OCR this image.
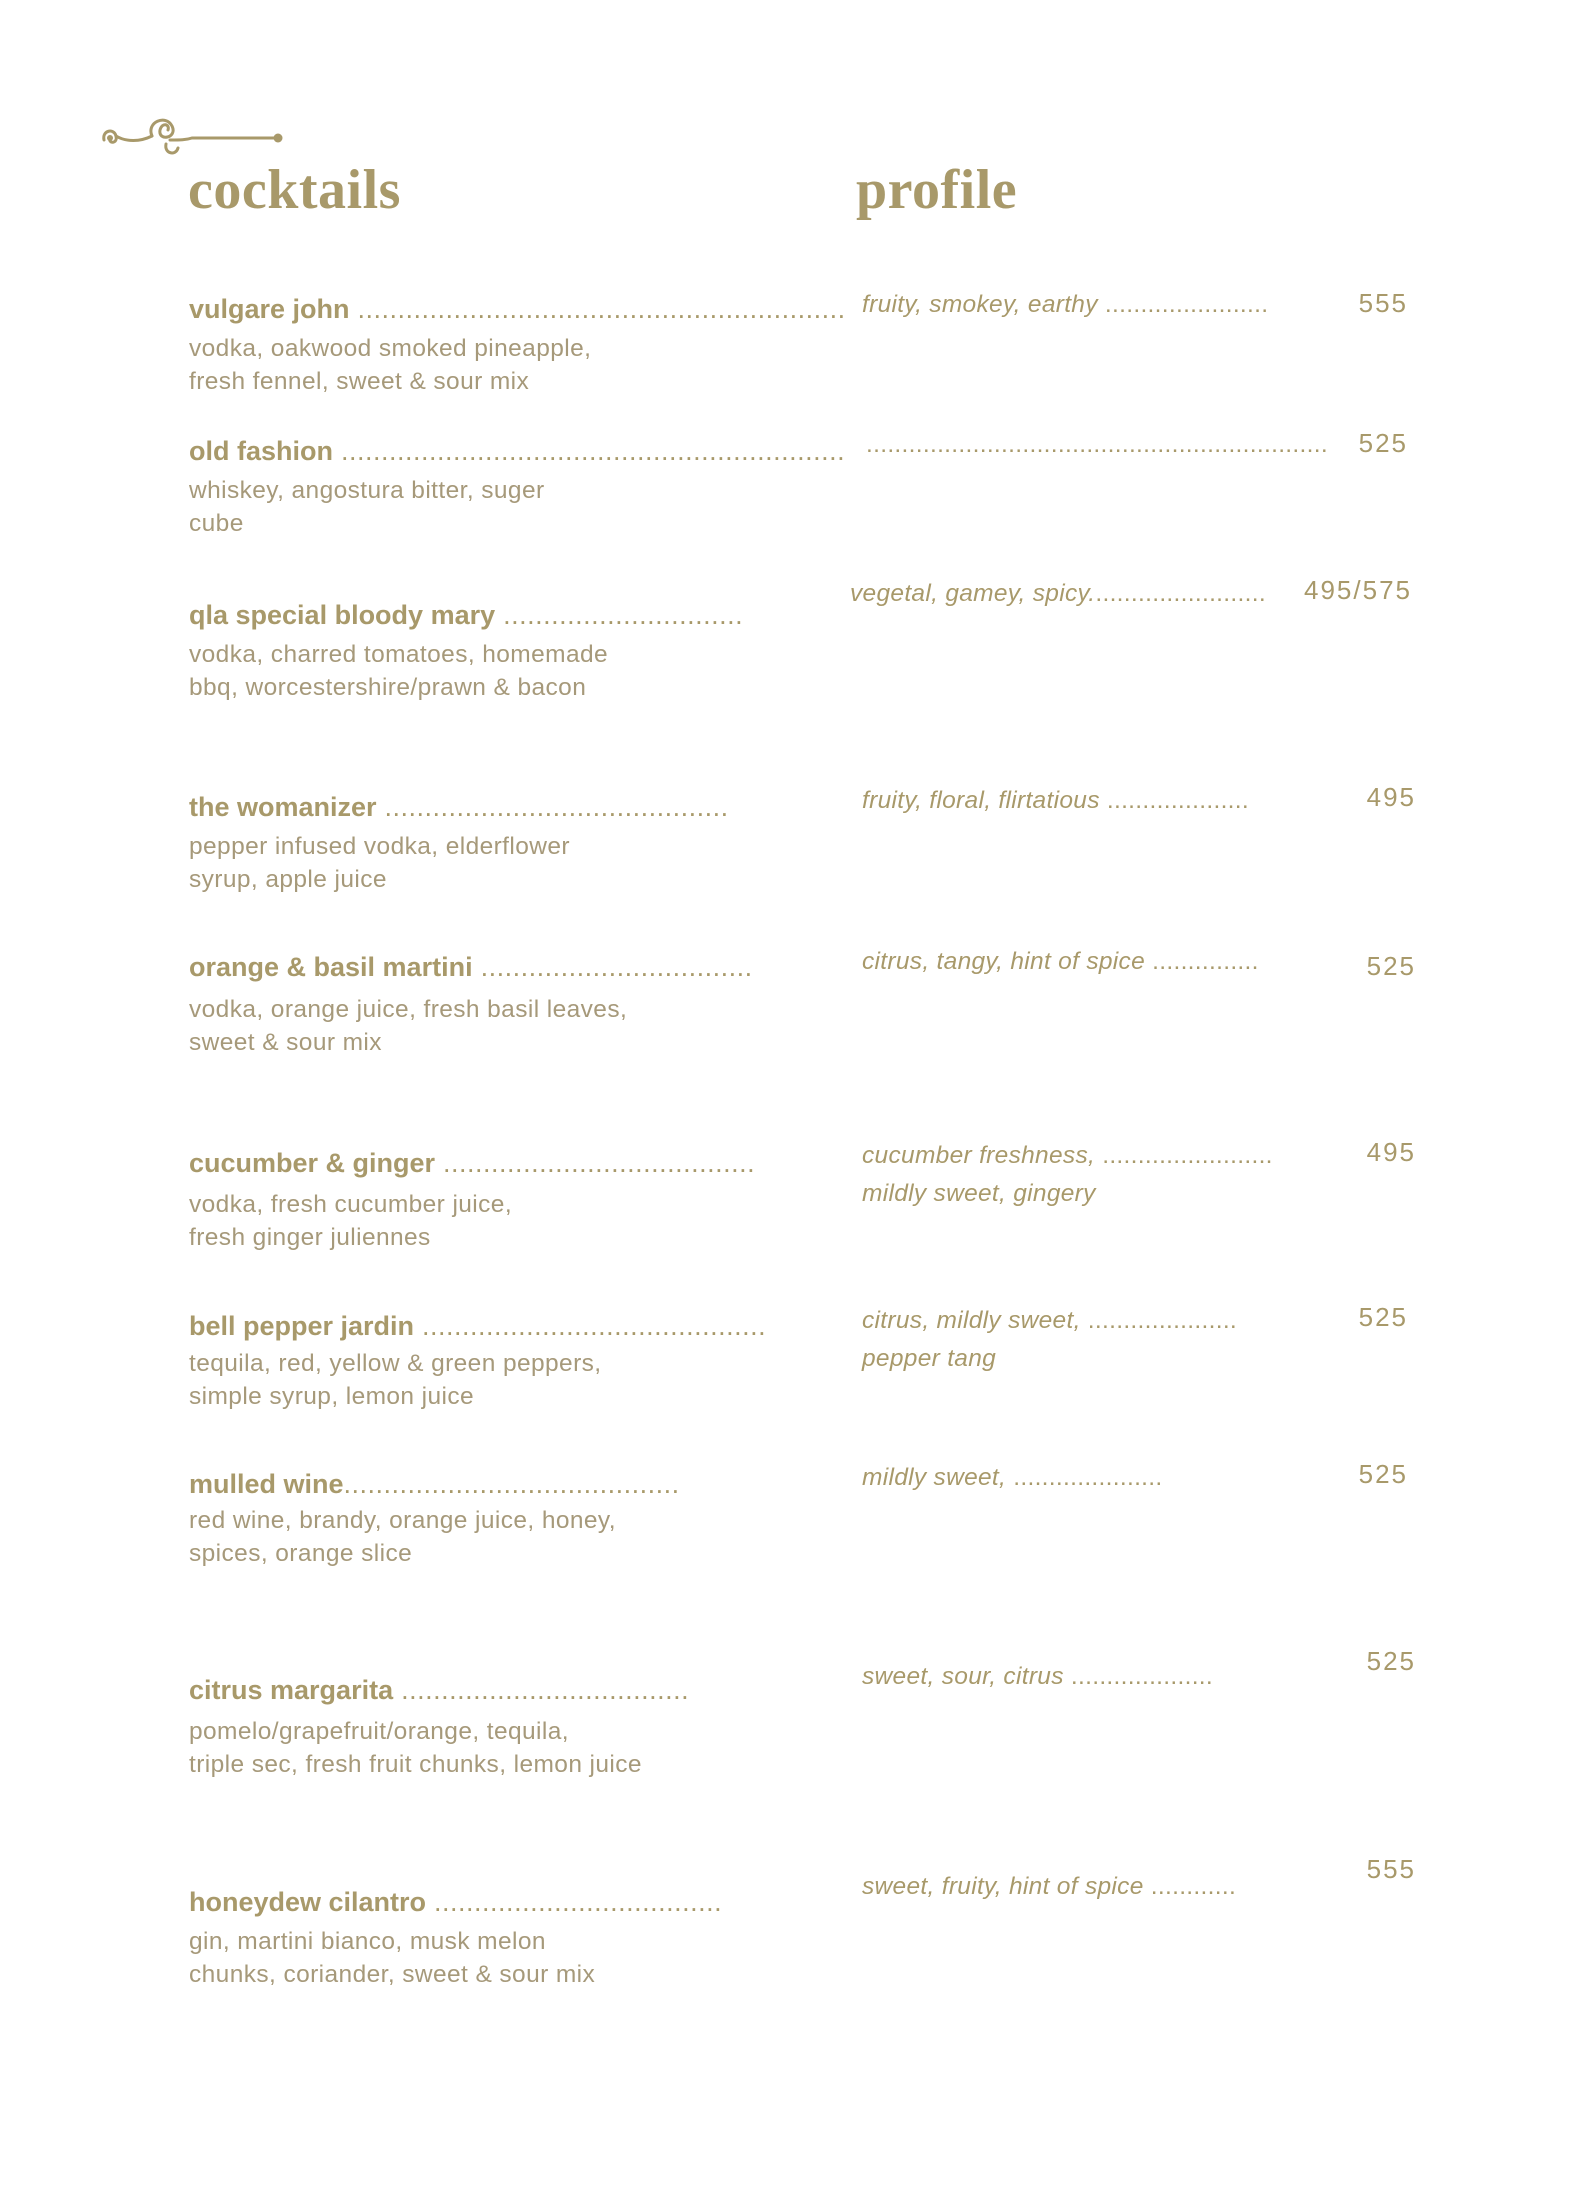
cocktails	profile
vulgare john .............................................................
vodka, oakwood smoked pineapple,
fresh fennel, sweet & sour mix
fruity, smokey, earthy .......................	555
old fashion ...............................................................
whiskey, angostura bitter, suger
cube
.................................................................	525
qla special bloody mary ..............................
vodka, charred tomatoes, homemade
bbq, worcestershire/prawn & bacon
vegetal, gamey, spicy.........................	495/575
the womanizer ...........................................
pepper infused vodka, elderflower
syrup, apple juice
fruity, floral, flirtatious ....................	495
orange & basil martini ..................................
vodka, orange juice, fresh basil leaves,
sweet & sour mix
citrus, tangy, hint of spice ...............	525
cucumber & ginger .......................................
vodka, fresh cucumber juice,
fresh ginger juliennes
cucumber freshness, ........................
mildly sweet, gingery
495
bell pepper jardin ...........................................
tequila, red, yellow & green peppers,
simple syrup, lemon juice
citrus, mildly sweet, .....................
pepper tang
525
mulled wine..........................................
red wine, brandy, orange juice, honey,
spices, orange slice
mildly sweet, .....................	525
citrus margarita ....................................
pomelo/grapefruit/orange, tequila,
triple sec, fresh fruit chunks, lemon juice
sweet, sour, citrus ....................
525
honeydew cilantro ....................................
gin, martini bianco, musk melon
chunks, coriander, sweet & sour mix
sweet, fruity, hint of spice ............
555
